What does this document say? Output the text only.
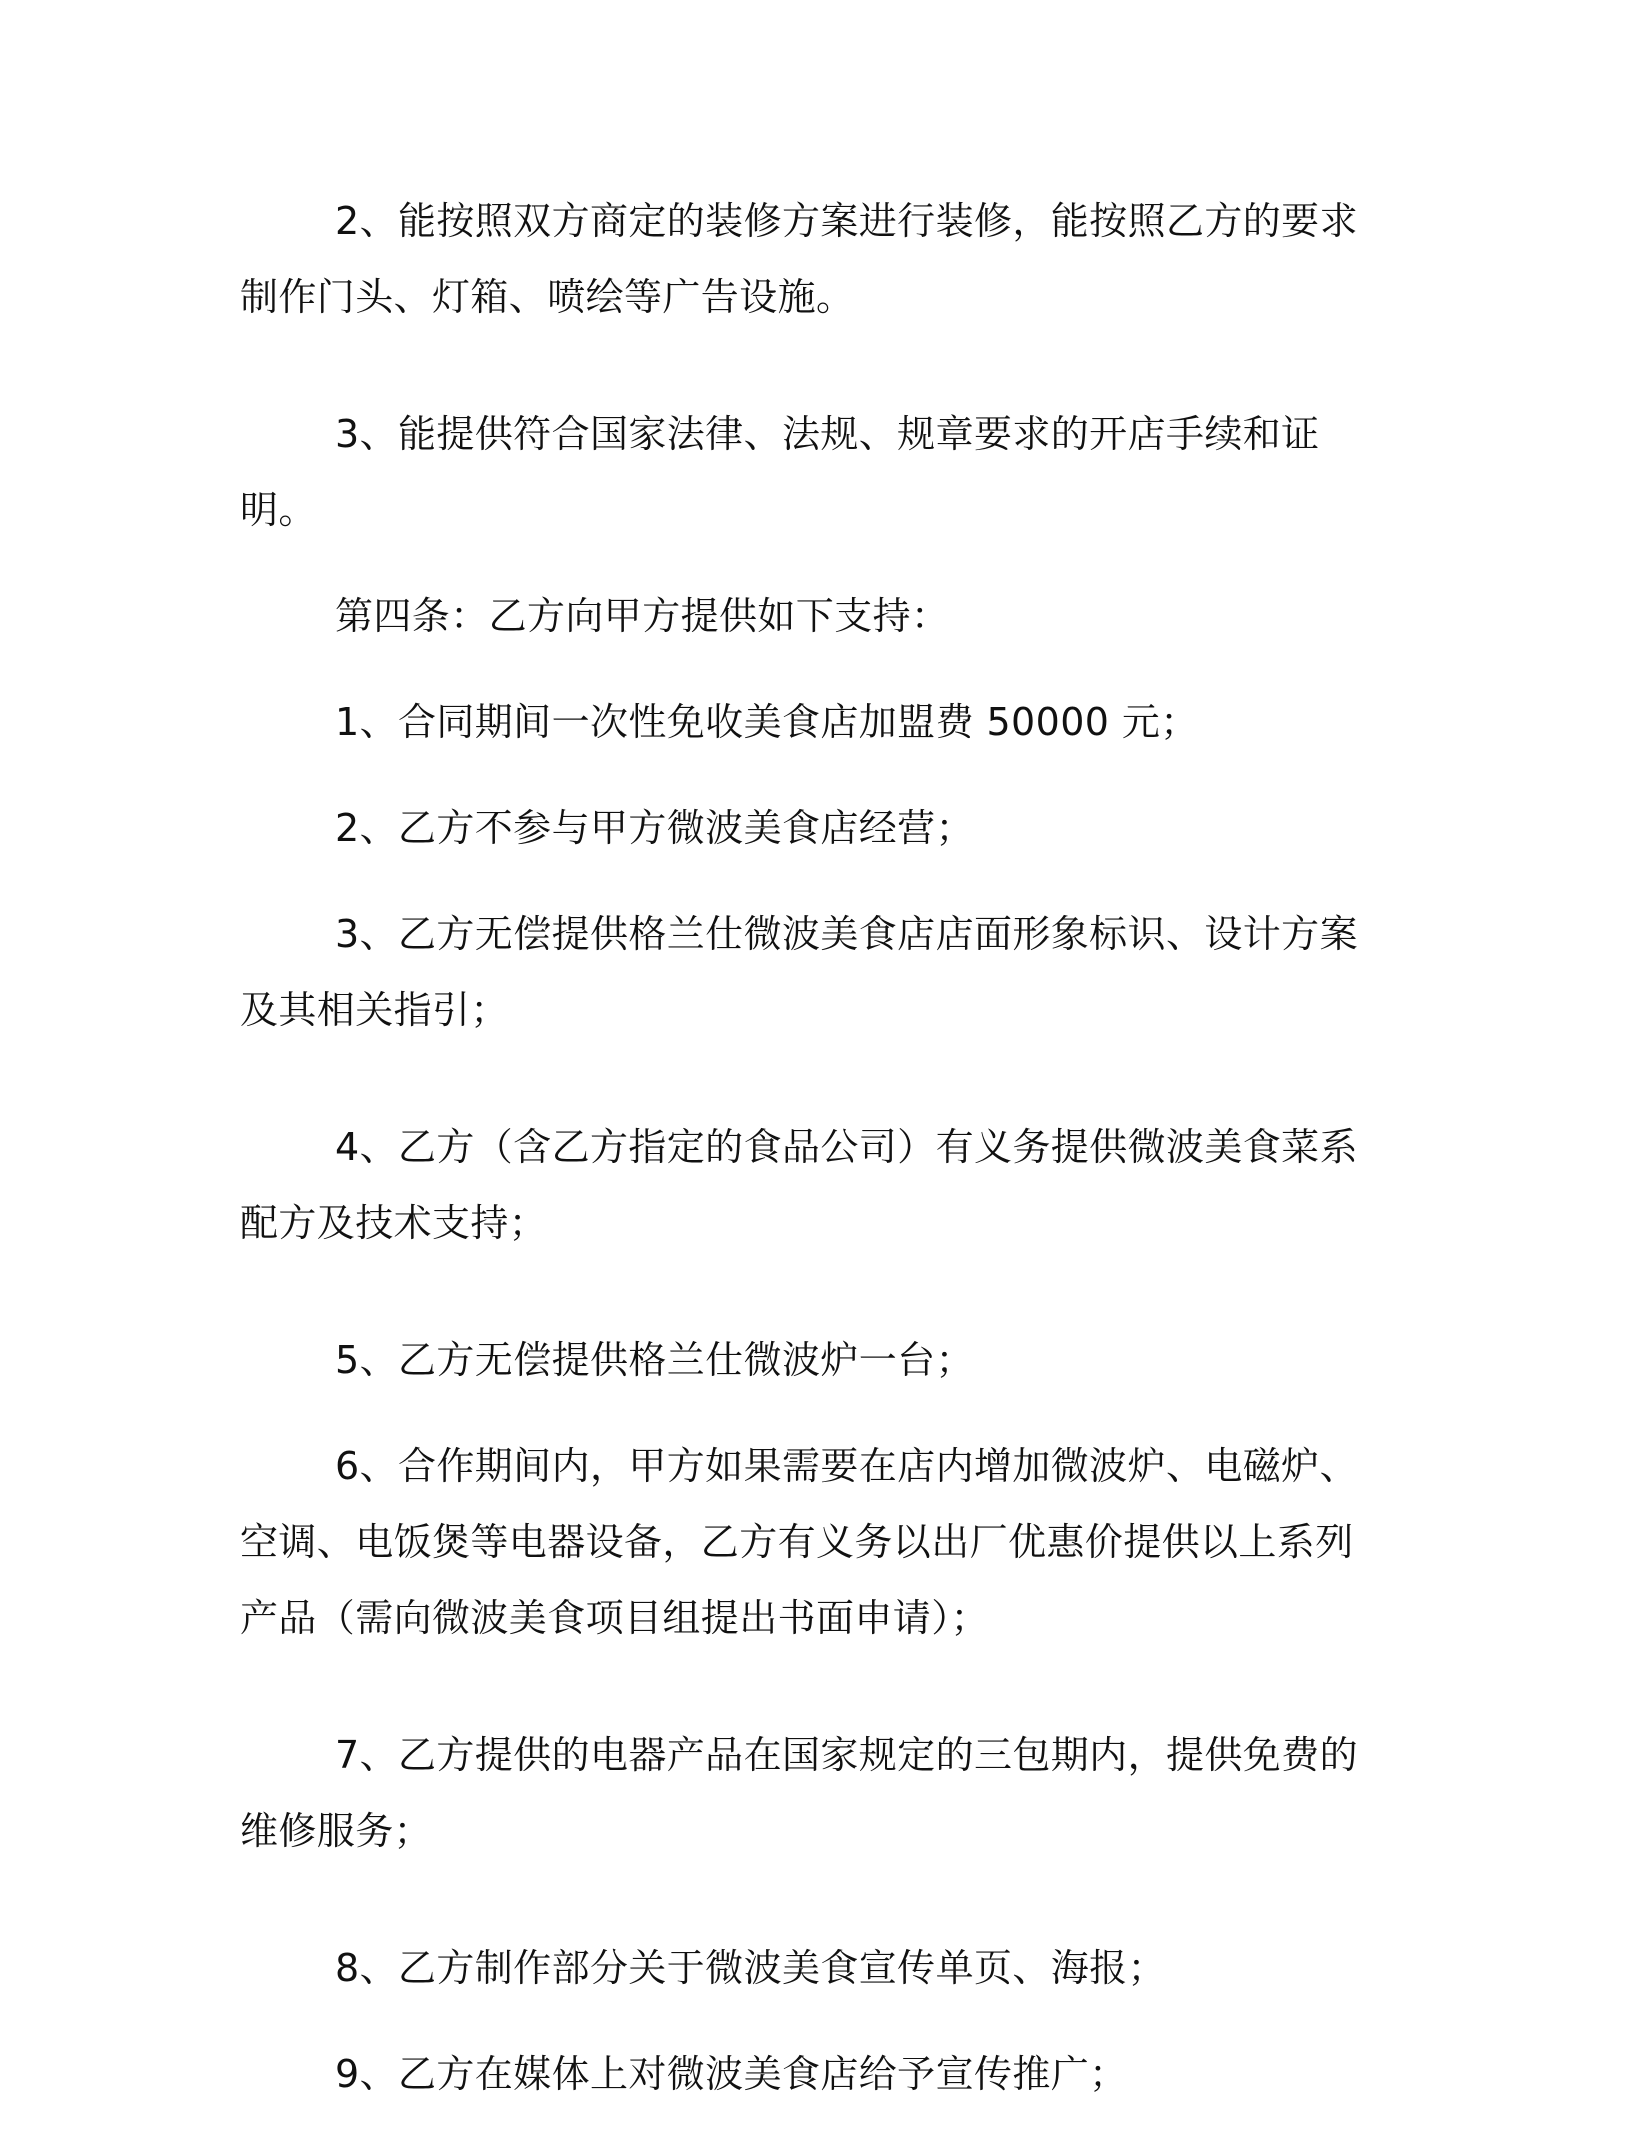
2、能按照双方商定的装修方案进行装修，能按照乙方的要求制作门头、灯箱、喷绘等广告设施。

3、能提供符合国家法律、法规、规章要求的开店手续和证明。

第四条：乙方向甲方提供如下支持：

1、合同期间一次性免收美食店加盟费 50000 元；

2、乙方不参与甲方微波美食店经营；

3、乙方无偿提供格兰仕微波美食店店面形象标识、设计方案及其相关指引；

4、乙方（含乙方指定的食品公司）有义务提供微波美食菜系配方及技术支持；

5、乙方无偿提供格兰仕微波炉一台；

6、合作期间内，甲方如果需要在店内增加微波炉、电磁炉、空调、电饭煲等电器设备，乙方有义务以出厂优惠价提供以上系列产品（需向微波美食项目组提出书面申请）；

7、乙方提供的电器产品在国家规定的三包期内，提供免费的维修服务；

8、乙方制作部分关于微波美食宣传单页、海报；

9、乙方在媒体上对微波美食店给予宣传推广；
